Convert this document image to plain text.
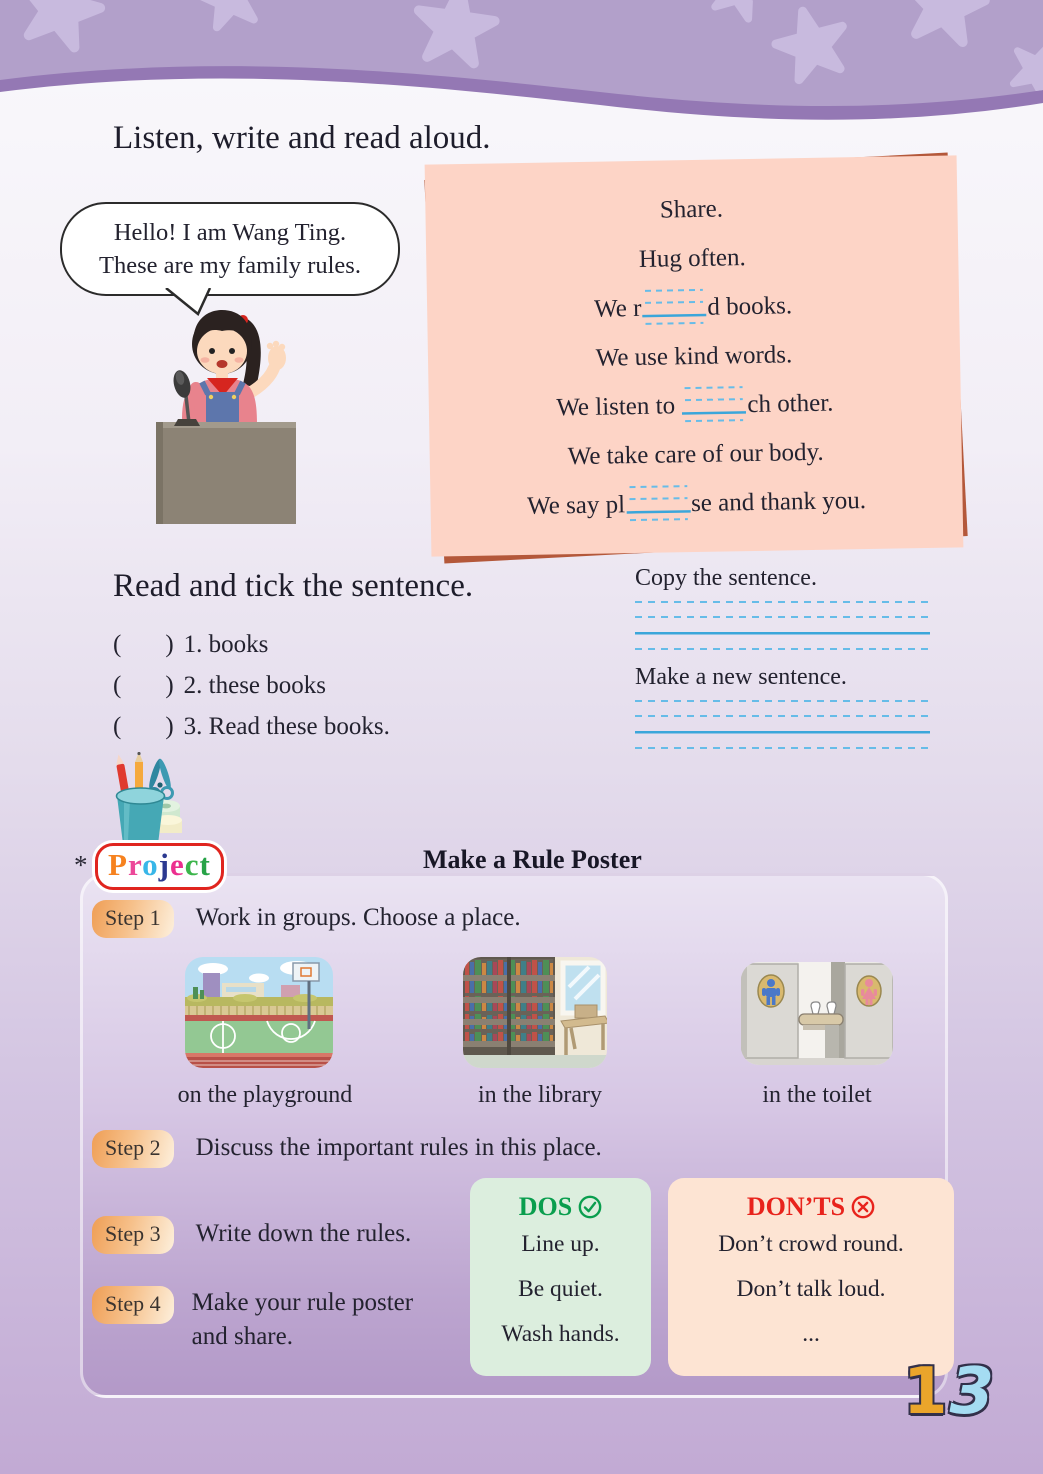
Listen, write and read aloud.
Hello! I am Wang Ting.
These are my family rules.
Share.
Hug often.
We r	d books.
We use kind words.
We listen to	ch other.
We take care of our body.
We say pl	se and thank you.
Read and tick the sentence.
( ) 1. books
( ) 2. these books
( ) 3. Read these books.
Copy the sentence.
Make a new sentence.
* Project	Make a Rule Poster
Step 1 Work in groups. Choose a place.
on the playground	in the library	in the toilet
Step 2 Discuss the important rules in this place.
Step 3 Write down the rules.
Step 4 Make your rule poster
and share.
DOS
Line up.
Be quiet.
Wash hands.
DON’TS
Don’t crowd round.
Don’t talk loud.
...
13
